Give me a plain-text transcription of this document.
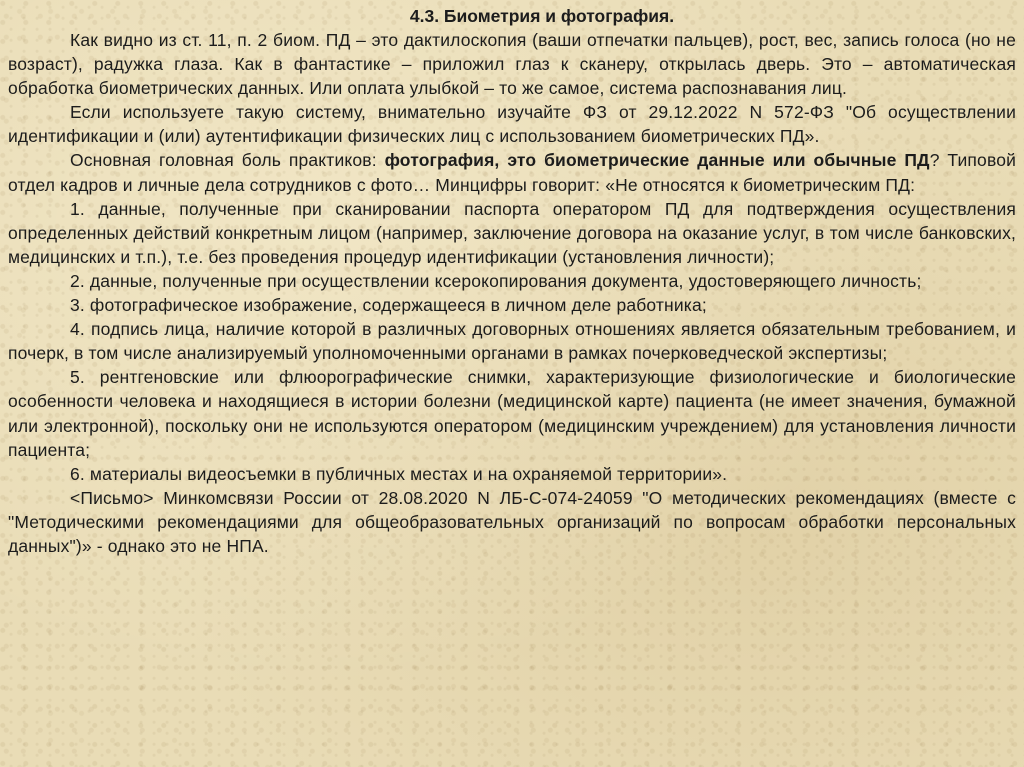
4.3. Биометрия и фотография.

Как видно из ст. 11, п. 2 биом. ПД – это дактилоскопия (ваши отпечатки пальцев), рост, вес, запись голоса (но не возраст), радужка глаза. Как в фантастике – приложил глаз к сканеру, открылась дверь. Это – автоматическая обработка биометрических данных. Или оплата улыбкой – то же самое, система распознавания лиц.

Если используете такую систему, внимательно изучайте ФЗ от 29.12.2022 N 572-ФЗ "Об осуществлении идентификации и (или) аутентификации физических лиц с использованием биометрических ПД».

Основная головная боль практиков: фотография, это биометрические данные или обычные ПД? Типовой отдел кадров и личные дела сотрудников с фото… Минцифры говорит: «Не относятся к биометрическим ПД:

1. данные, полученные при сканировании паспорта оператором ПД для подтверждения осуществления определенных действий конкретным лицом (например, заключение договора на оказание услуг, в том числе банковских, медицинских и т.п.), т.е. без проведения процедур идентификации (установления личности);

2. данные, полученные при осуществлении ксерокопирования документа, удостоверяющего личность;

3. фотографическое изображение, содержащееся в личном деле работника;

4. подпись лица, наличие которой в различных договорных отношениях является обязательным требованием, и почерк, в том числе анализируемый уполномоченными органами в рамках почерковедческой экспертизы;

5. рентгеновские или флюорографические снимки, характеризующие физиологические и биологические особенности человека и находящиеся в истории болезни (медицинской карте) пациента (не имеет значения, бумажной или электронной), поскольку они не используются оператором (медицинским учреждением) для установления личности пациента;

6. материалы видеосъемки в публичных местах и на охраняемой территории».

<Письмо> Минкомсвязи России от 28.08.2020 N ЛБ-С-074-24059 "О методических рекомендациях (вместе с "Методическими рекомендациями для общеобразовательных организаций по вопросам обработки персональных данных")» - однако это не НПА.
